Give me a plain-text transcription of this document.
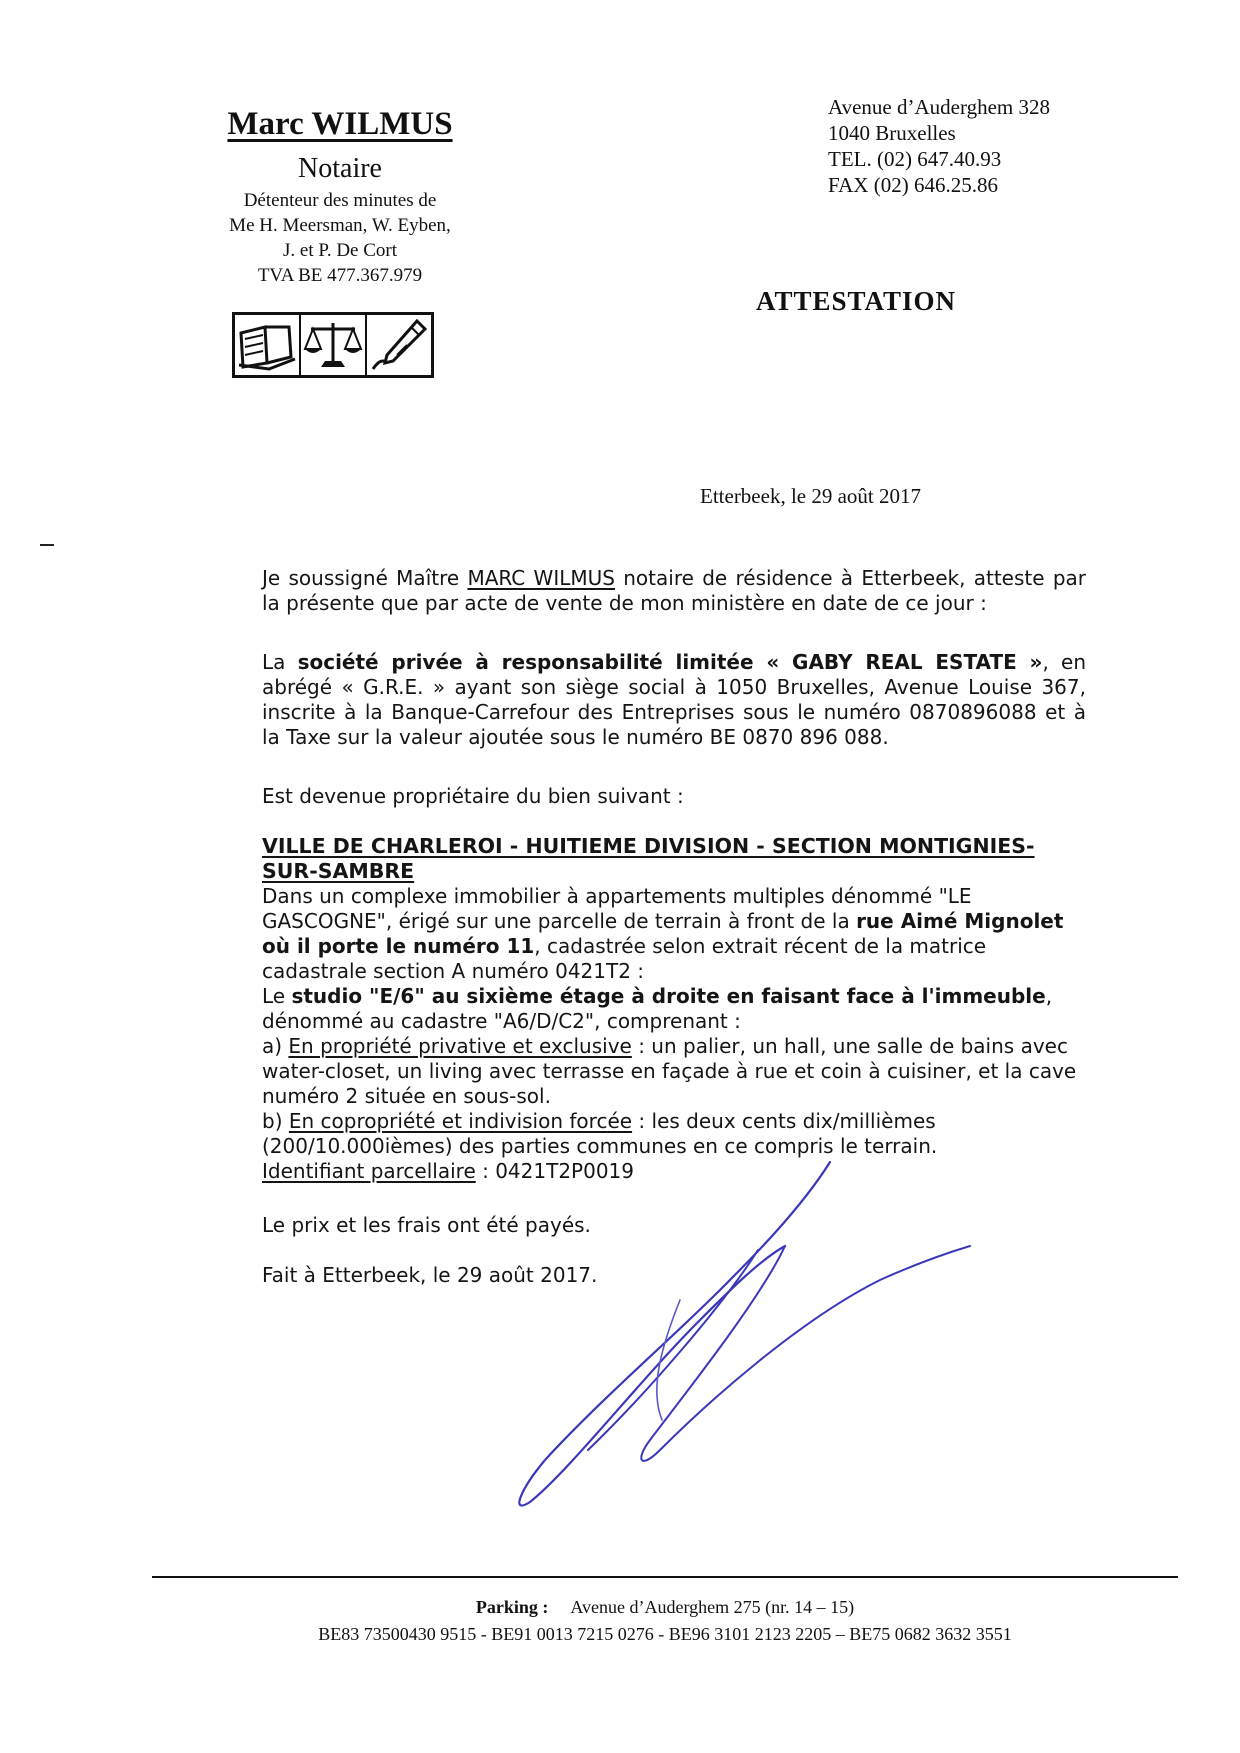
Marc WILMUS
Notaire
Détenteur des minutes de
Me H. Meersman, W. Eyben,
J. et P. De Cort
TVA BE 477.367.979
Avenue d’Auderghem 328
1040 Bruxelles
TEL. (02) 647.40.93
FAX (02) 646.25.86
ATTESTATION
Etterbeek, le 29 août 2017

Je soussigné Maître MARC WILMUS notaire de résidence à Etterbeek, atteste par la présente que par acte de vente de mon ministère en date de ce jour :

La société privée à responsabilité limitée « GABY REAL ESTATE », en abrégé « G.R.E. » ayant son siège social à 1050 Bruxelles, Avenue Louise 367, inscrite à la Banque-Carrefour des Entreprises sous le numéro 0870896088 et à la Taxe sur la valeur ajoutée sous le numéro BE 0870 896 088.

Est devenue propriétaire du bien suivant :

VILLE DE CHARLEROI - HUITIEME DIVISION - SECTION MONTIGNIES-SUR-SAMBRE

Dans un complexe immobilier à appartements multiples dénommé "LE GASCOGNE", érigé sur une parcelle de terrain à front de la rue Aimé Mignolet où il porte le numéro 11, cadastrée selon extrait récent de la matrice cadastrale section A numéro 0421T2 :

Le studio "E/6" au sixième étage à droite en faisant face à l'immeuble,

dénommé au cadastre "A6/D/C2", comprenant :

a) En propriété privative et exclusive : un palier, un hall, une salle de bains avec water-closet, un living avec terrasse en façade à rue et coin à cuisiner, et la cave numéro 2 située en sous-sol.

b) En copropriété et indivision forcée : les deux cents dix/millièmes (200/10.000ièmes) des parties communes en ce compris le terrain.

Identifiant parcellaire : 0421T2P0019

Le prix et les frais ont été payés.
Fait à Etterbeek, le 29 août 2017.
Parking : Avenue d’Auderghem 275 (nr. 14 – 15)
BE83 73500430 9515 - BE91 0013 7215 0276 - BE96 3101 2123 2205 – BE75 0682 3632 3551
